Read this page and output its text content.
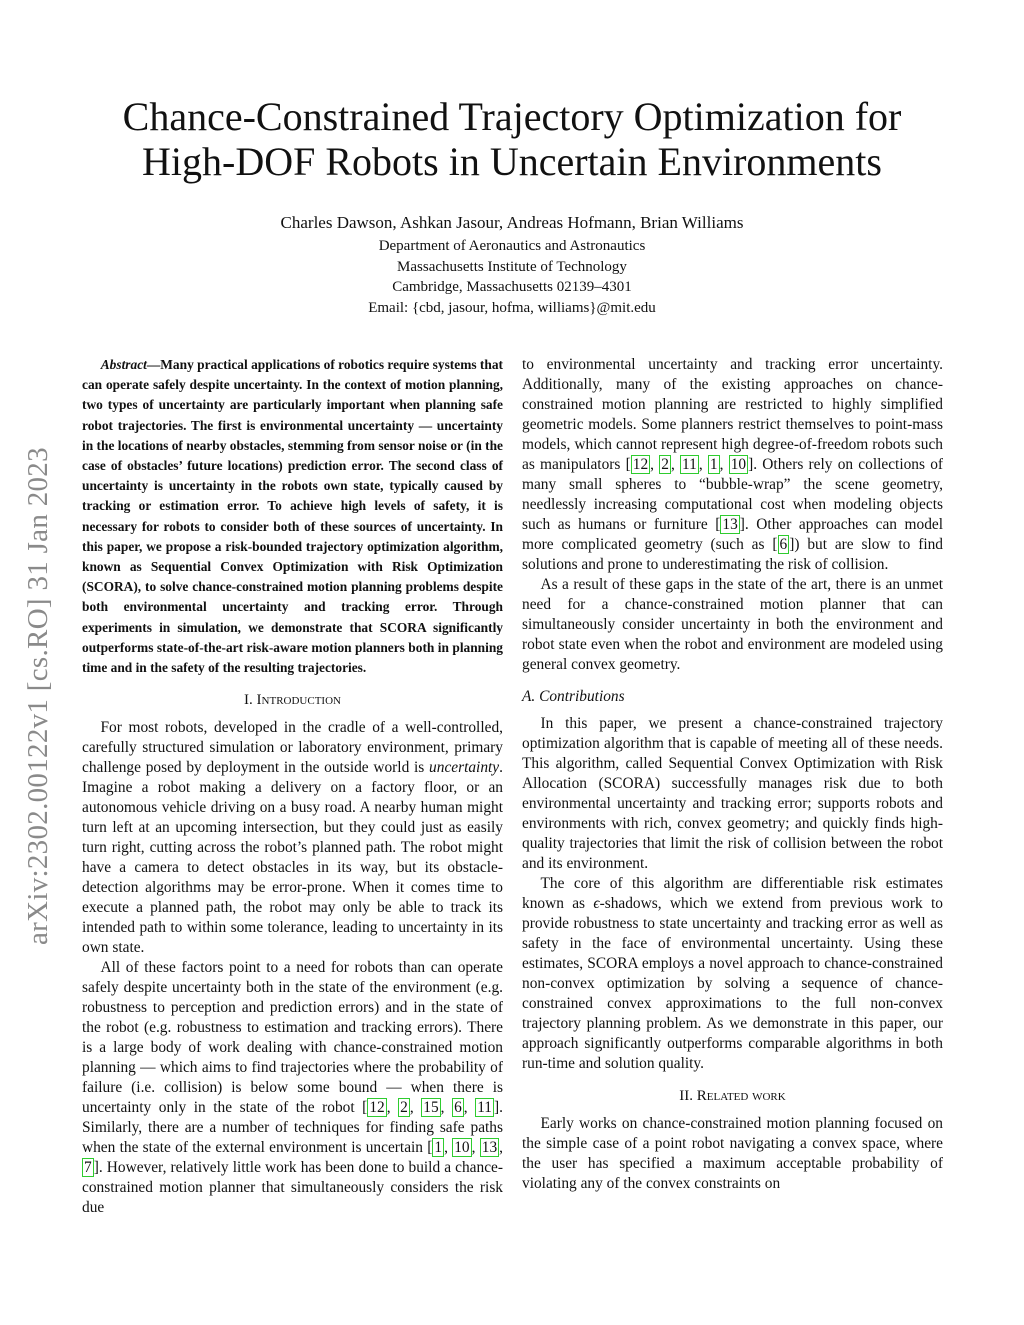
Chance-Constrained Trajectory Optimization for
High-DOF Robots in Uncertain Environments
Charles Dawson, Ashkan Jasour, Andreas Hofmann, Brian Williams
Department of Aeronautics and Astronautics
Massachusetts Institute of Technology
Cambridge, Massachusetts 02139–4301
Email: {cbd, jasour, hofma, williams}@mit.edu
arXiv:2302.00122v1 [cs.RO] 31 Jan 2023

Abstract—Many practical applications of robotics require systems that can operate safely despite uncertainty. In the context of motion planning, two types of uncertainty are particularly important when planning safe robot trajectories. The first is environmental uncertainty — uncertainty in the locations of nearby obstacles, stemming from sensor noise or (in the case of obstacles’ future locations) prediction error. The second class of uncertainty is uncertainty in the robots own state, typically caused by tracking or estimation error. To achieve high levels of safety, it is necessary for robots to consider both of these sources of uncertainty. In this paper, we propose a risk-bounded trajectory optimization algorithm, known as Sequential Convex Optimization with Risk Optimization (SCORA), to solve chance-constrained motion planning problems despite both environmental uncertainty and tracking error. Through experiments in simulation, we demonstrate that SCORA significantly outperforms state-of-the-art risk-aware motion planners both in planning time and in the safety of the resulting trajectories.

I. Introduction

For most robots, developed in the cradle of a well-controlled, carefully structured simulation or laboratory environment, primary challenge posed by deployment in the outside world is uncertainty. Imagine a robot making a delivery on a factory floor, or an autonomous vehicle driving on a busy road. A nearby human might turn left at an upcoming intersection, but they could just as easily turn right, cutting across the robot’s planned path. The robot might have a camera to detect obstacles in its way, but its obstacle-detection algorithms may be error-prone. When it comes time to execute a planned path, the robot may only be able to track its intended path to within some tolerance, leading to uncertainty in its own state.

All of these factors point to a need for robots than can operate safely despite uncertainty both in the state of the environment (e.g. robustness to perception and prediction errors) and in the state of the robot (e.g. robustness to estimation and tracking errors). There is a large body of work dealing with chance-constrained motion planning — which aims to find trajectories where the probability of failure (i.e. collision) is below some bound — when there is uncertainty only in the state of the robot [ 12 , 2 , 15 , 6 , 11 ]. Similarly, there are a number of techniques for finding safe paths when the state of the external environment is uncertain [ 1 , 10 , 13 , 7 ]. However, relatively little work has been done to build a chance-constrained motion planner that simultaneously considers the risk due

to environmental uncertainty and tracking error uncertainty. Additionally, many of the existing approaches on chance-constrained motion planning are restricted to highly simplified geometric models. Some planners restrict themselves to point-mass models, which cannot represent high degree-of-freedom robots such as manipulators [ 12 , 2 , 11 , 1 , 10 ]. Others rely on collections of many small spheres to “bubble-wrap” the scene geometry, needlessly increasing computational cost when modeling objects such as humans or furniture [ 13 ]. Other approaches can model more complicated geometry (such as [ 6 ]) but are slow to find solutions and prone to underestimating the risk of collision.

As a result of these gaps in the state of the art, there is an unmet need for a chance-constrained motion planner that can simultaneously consider uncertainty in both the environment and robot state even when the robot and environment are modeled using general convex geometry.

A. Contributions

In this paper, we present a chance-constrained trajectory optimization algorithm that is capable of meeting all of these needs. This algorithm, called Sequential Convex Optimization with Risk Allocation (SCORA) successfully manages risk due to both environmental uncertainty and tracking error; supports robots and environments with rich, convex geometry; and quickly finds high-quality trajectories that limit the risk of collision between the robot and its environment.

The core of this algorithm are differentiable risk estimates known as ϵ-shadows, which we extend from previous work to provide robustness to state uncertainty and tracking error as well as safety in the face of environmental uncertainty. Using these estimates, SCORA employs a novel approach to chance-constrained non-convex optimization by solving a sequence of chance-constrained convex approximations to the full non-convex trajectory planning problem. As we demonstrate in this paper, our approach significantly outperforms comparable algorithms in both run-time and solution quality.

II. Related work

Early works on chance-constrained motion planning focused on the simple case of a point robot navigating a convex space, where the user has specified a maximum acceptable probability of violating any of the convex constraints on
